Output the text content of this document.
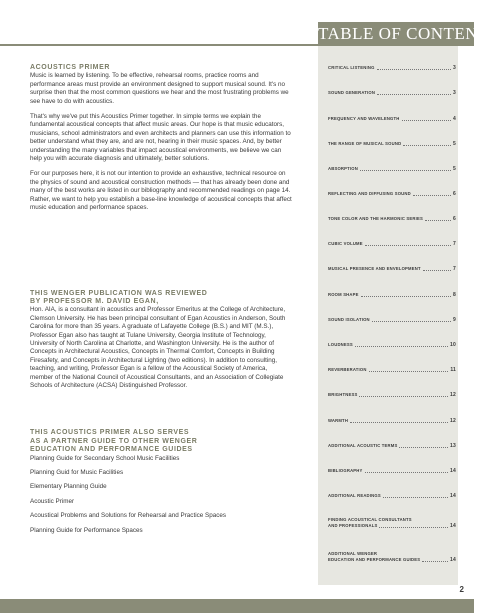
TABLE OF CONTENTS
ACOUSTICS PRIMER

Music is learned by listening. To be effective, rehearsal rooms, practice rooms and performance areas must provide an environment designed to support musical sound. It's no surprise then that the most common questions we hear and the most frustrating problems we see have to do with acoustics.

That's why we've put this Acoustics Primer together. In simple terms we explain the fundamental acoustical concepts that affect music areas. Our hope is that music educators, musicians, school administrators and even architects and planners can use this information to better understand what they are, and are not, hearing in their music spaces. And, by better understanding the many variables that impact acoustical environments, we believe we can help you with accurate diagnosis and ultimately, better solutions.

For our purposes here, it is not our intention to provide an exhaustive, technical resource on the physics of sound and acoustical construction methods — that has already been done and many of the best works are listed in our bibliography and recommended readings on page 14. Rather, we want to help you establish a base-line knowledge of acoustical concepts that affect music education and performance spaces.

THIS WENGER PUBLICATION WAS REVIEWED
BY PROFESSOR M. DAVID EGAN,

Hon. AIA, is a consultant in acoustics and Professor Emeritus at the College of Architecture, Clemson University. He has been principal consultant of Egan Acoustics in Anderson, South Carolina for more than 35 years. A graduate of Lafayette College (B.S.) and MIT (M.S.), Professor Egan also has taught at Tulane University, Georgia Institute of Technology, University of North Carolina at Charlotte, and Washington University. He is the author of Concepts in Architectural Acoustics, Concepts in Thermal Comfort, Concepts in Building Firesafety, and Concepts in Architectural Lighting (two editions). In addition to consulting, teaching, and writing, Professor Egan is a fellow of the Acoustical Society of America, member of the National Council of Acoustical Consultants, and an Association of Collegiate Schools of Architecture (ACSA) Distinguished Professor.

THIS ACOUSTICS PRIMER ALSO SERVES
AS A PARTNER GUIDE TO OTHER WENGER
EDUCATION AND PERFORMANCE GUIDES
Planning Guide for Secondary School Music Facilities
Planning Guid for Music Facilities
Elementary Planning Guide
Acoustic Primer
Acoustical Problems and Solutions for Rehearsal and Practice Spaces
Planning Guide for Performance Spaces
CRITICAL LISTENING	3
SOUND GENERATION	3
FREQUENCY AND WAVELENGTH	4
THE RANGE OF MUSICAL SOUND	5
ABSORPTION	5
REFLECTING AND DIFFUSING SOUND	6
TONE COLOR AND THE HARMONIC SERIES	6
CUBIC VOLUME	7
MUSICAL PRESENCE AND ENVELOPMENT	7
ROOM SHAPE	8
SOUND ISOLATION	9
LOUDNESS	10
REVERBERATION	11
BRIGHTNESS	12
WARMTH	12
ADDITIONAL ACOUSTIC TERMS	13
BIBLIOGRAPHY	14
ADDITIONAL READINGS	14
FINDING ACOUSTICAL CONSULTANTS
AND PROFESSIONALS	14
ADDITIONAL WENGER
EDUCATION AND PERFORMANCE GUIDES	14
2
